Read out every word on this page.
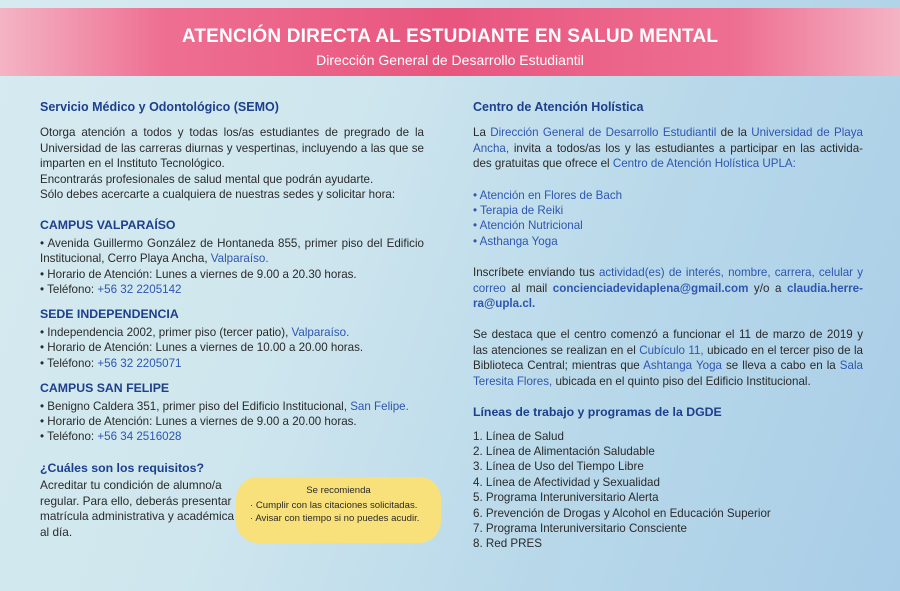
ATENCIÓN DIRECTA AL ESTUDIANTE EN SALUD MENTAL
Dirección General de Desarrollo Estudiantil
Servicio Médico y Odontológico (SEMO)

Otorga atención a todos y todas los/as estudiantes de pregrado de la Universidad de las carreras diurnas y vespertinas, incluyendo a las que se imparten en el Instituto Tecnológico.

Encontrarás profesionales de salud mental que podrán ayudarte.

Sólo debes acercarte a cualquiera de nuestras sedes y solicitar hora:

CAMPUS VALPARAÍSO

• Avenida Guillermo González de Hontaneda 855, primer piso del Edificio Institucional, Cerro Playa Ancha, Valparaíso.

• Horario de Atención: Lunes a viernes de 9.00 a 20.30 horas.

• Teléfono: +56 32 2205142

SEDE INDEPENDENCIA

• Independencia 2002, primer piso (tercer patio), Valparaíso.

• Horario de Atención: Lunes a viernes de 10.00 a 20.00 horas.

• Teléfono: +56 32 2205071

CAMPUS SAN FELIPE

• Benigno Caldera 351, primer piso del Edificio Institucional, San Felipe.

• Horario de Atención: Lunes a viernes de 9.00 a 20.00 horas.

• Teléfono: +56 34 2516028

¿Cuáles son los requisitos?

Acreditar tu condición de alumno/a regular. Para ello, deberás presentar matrícula administrativa y académica al día.

Se recomienda
· Cumplir con las citaciones solicitadas.
· Avisar con tiempo si no puedes acudir.
Centro de Atención Holística

La Dirección General de Desarrollo Estudiantil de la Universidad de Playa Ancha, invita a todos/as los y las estudiantes a participar en las activida-des gratuitas que ofrece el Centro de Atención Holística UPLA:

• Atención en Flores de Bach
• Terapia de Reiki
• Atención Nutricional
• Asthanga Yoga

Inscríbete enviando tus actividad(es) de interés, nombre, carrera, celular y correo al mail concienciadevidaplena@gmail.com y/o a claudia.herre-ra@upla.cl.

Se destaca que el centro comenzó a funcionar el 11 de marzo de 2019 y las atenciones se realizan en el Cubículo 11, ubicado en el tercer piso de la Biblioteca Central; mientras que Ashtanga Yoga se lleva a cabo en la Sala Teresita Flores, ubicada en el quinto piso del Edificio Institucional.

Líneas de trabajo y programas de la DGDE
1. Línea de Salud
2. Línea de Alimentación Saludable
3. Línea de Uso del Tiempo Libre
4. Línea de Afectividad y Sexualidad
5. Programa Interuniversitario Alerta
6. Prevención de Drogas y Alcohol en Educación Superior
7. Programa Interuniversitario Consciente
8. Red PRES
